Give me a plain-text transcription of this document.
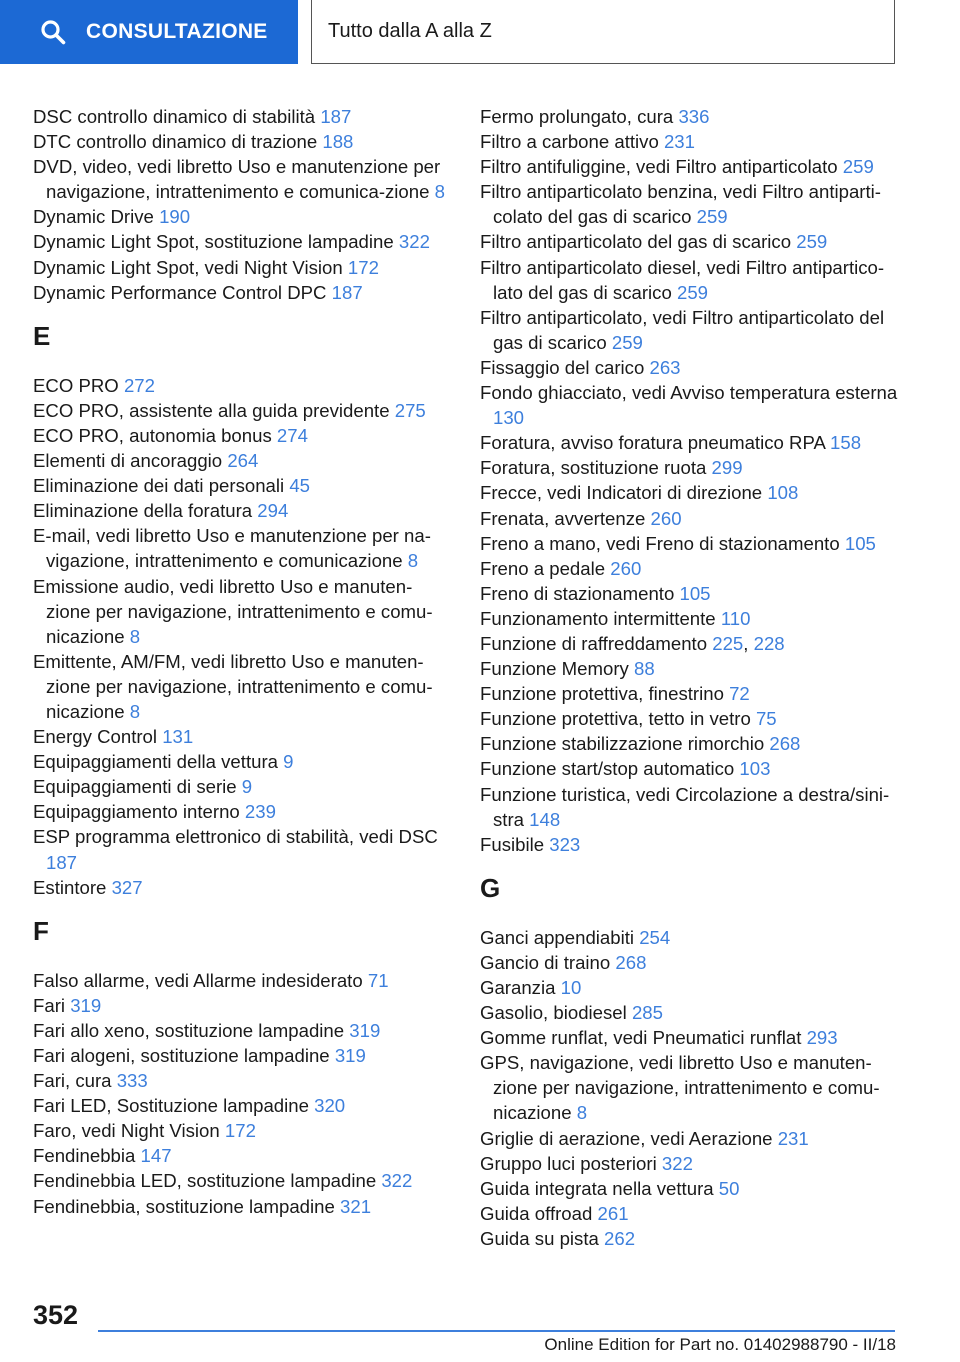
CONSULTAZIONE	Tutto dalla A alla Z
DSC controllo dinamico di stabilità 187
DTC controllo dinamico di trazione 188
DVD, video, vedi libretto Uso e manutenzione per navigazione, intrattenimento e comunica-zione 8
Dynamic Drive 190
Dynamic Light Spot, sostituzione lampadine 322
Dynamic Light Spot, vedi Night Vision 172
Dynamic Performance Control DPC 187
E
ECO PRO 272
ECO PRO, assistente alla guida previdente 275
ECO PRO, autonomia bonus 274
Elementi di ancoraggio 264
Eliminazione dei dati personali 45
Eliminazione della foratura 294
E-mail, vedi libretto Uso e manutenzione per na-vigazione, intrattenimento e comunicazione 8
Emissione audio, vedi libretto Uso e manuten-zione per navigazione, intrattenimento e comu-nicazione 8
Emittente, AM/FM, vedi libretto Uso e manuten-zione per navigazione, intrattenimento e comu-nicazione 8
Energy Control 131
Equipaggiamenti della vettura 9
Equipaggiamenti di serie 9
Equipaggiamento interno 239
ESP programma elettronico di stabilità, vedi DSC 187
Estintore 327
F
Falso allarme, vedi Allarme indesiderato 71
Fari 319
Fari allo xeno, sostituzione lampadine 319
Fari alogeni, sostituzione lampadine 319
Fari, cura 333
Fari LED, Sostituzione lampadine 320
Faro, vedi Night Vision 172
Fendinebbia 147
Fendinebbia LED, sostituzione lampadine 322
Fendinebbia, sostituzione lampadine 321
Fermo prolungato, cura 336
Filtro a carbone attivo 231
Filtro antifuliggine, vedi Filtro antiparticolato 259
Filtro antiparticolato benzina, vedi Filtro antiparti-colato del gas di scarico 259
Filtro antiparticolato del gas di scarico 259
Filtro antiparticolato diesel, vedi Filtro antipartico-lato del gas di scarico 259
Filtro antiparticolato, vedi Filtro antiparticolato del gas di scarico 259
Fissaggio del carico 263
Fondo ghiacciato, vedi Avviso temperatura esterna 130
Foratura, avviso foratura pneumatico RPA 158
Foratura, sostituzione ruota 299
Frecce, vedi Indicatori di direzione 108
Frenata, avvertenze 260
Freno a mano, vedi Freno di stazionamento 105
Freno a pedale 260
Freno di stazionamento 105
Funzionamento intermittente 110
Funzione di raffreddamento 225, 228
Funzione Memory 88
Funzione protettiva, finestrino 72
Funzione protettiva, tetto in vetro 75
Funzione stabilizzazione rimorchio 268
Funzione start/stop automatico 103
Funzione turistica, vedi Circolazione a destra/sini-stra 148
Fusibile 323
G
Ganci appendiabiti 254
Gancio di traino 268
Garanzia 10
Gasolio, biodiesel 285
Gomme runflat, vedi Pneumatici runflat 293
GPS, navigazione, vedi libretto Uso e manuten-zione per navigazione, intrattenimento e comu-nicazione 8
Griglie di aerazione, vedi Aerazione 231
Gruppo luci posteriori 322
Guida integrata nella vettura 50
Guida offroad 261
Guida su pista 262
352
Online Edition for Part no. 01402988790 - II/18
